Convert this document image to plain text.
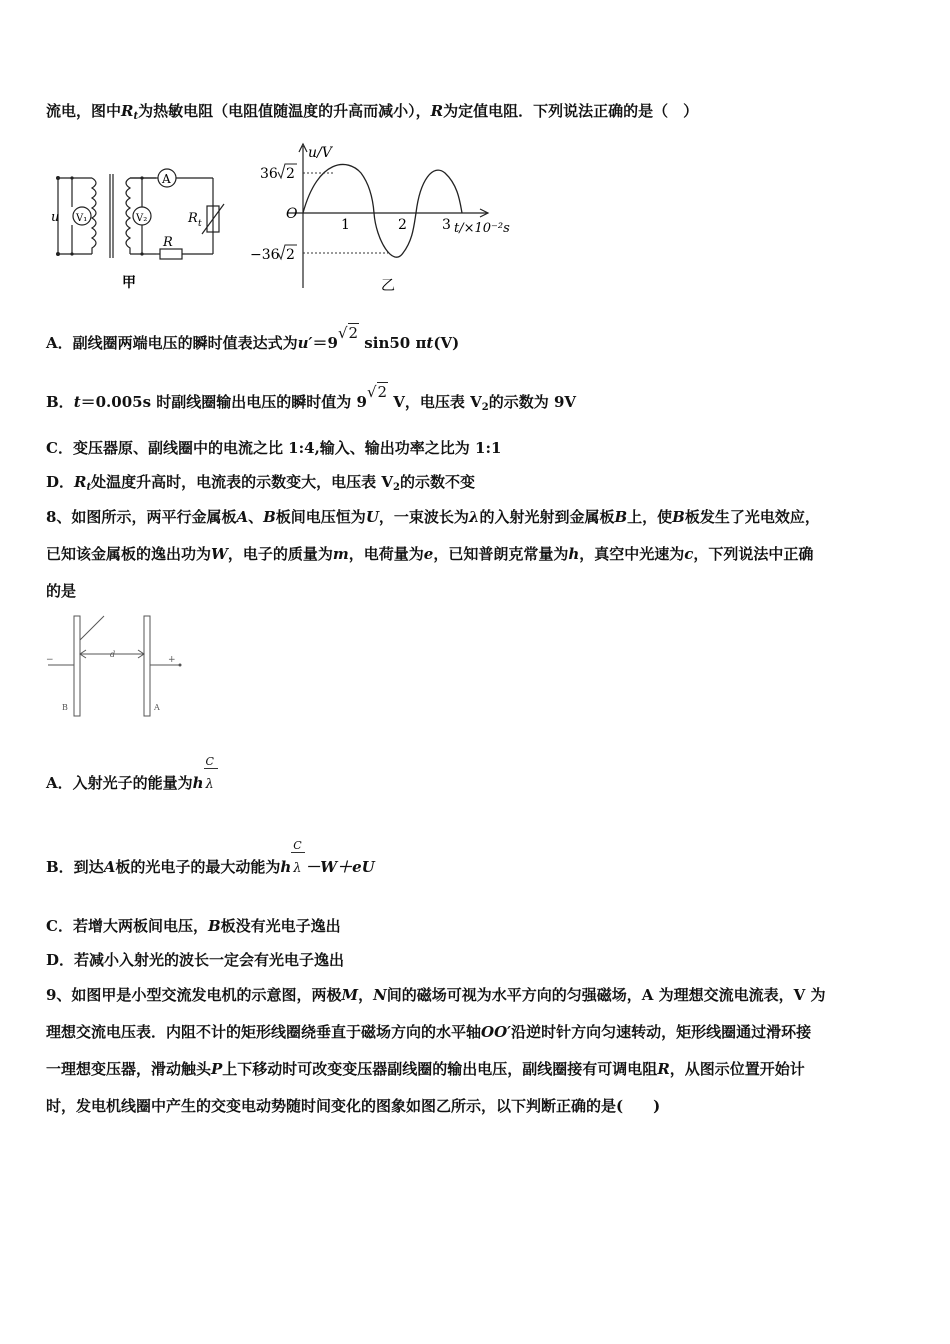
流电，图中$R_t$为热敏电阻（电阻值随温度的升高而减小），R为定值电阻．下列说法正确的是（　）
u V₁	V₂
A
R t
R
甲
u/V
36 2
O
−36 2
1	2	3 t/×10⁻²s
乙
A．副线圈两端电压的瞬时值表达式为u′＝9√2 sin50 πt(V)
B．t＝0.005s 时副线圈输出电压的瞬时值为 9√2 V，电压表 $V_2$的示数为 9V
C．变压器原、副线圈中的电流之比 1:4,输入、输出功率之比为 1:1
D．$R_t$处温度升高时，电流表的示数变大，电压表 $V_2$的示数不变
8、如图所示，两平行金属板A、B板间电压恒为U，一束波长为λ的入射光射到金属板B上，使B板发生了光电效应，
已知该金属板的逸出功为W，电子的质量为m，电荷量为e，已知普朗克常量为h，真空中光速为c，下列说法中正确
的是
−	+
d
B	A
A．入射光子的能量为h $\frac{C}{\lambda}$
B．到达A板的光电子的最大动能为h $\frac{C}{\lambda} -W+eU$
C．若增大两板间电压，B板没有光电子逸出
D．若减小入射光的波长一定会有光电子逸出
9、如图甲是小型交流发电机的示意图，两极M，N间的磁场可视为水平方向的匀强磁场，A 为理想交流电流表，V 为
理想交流电压表．内阻不计的矩形线圈绕垂直于磁场方向的水平轴OO′沿逆时针方向匀速转动，矩形线圈通过滑环接
一理想变压器，滑动触头P上下移动时可改变变压器副线圈的输出电压，副线圈接有可调电阻R，从图示位置开始计
时，发电机线圈中产生的交变电动势随时间变化的图象如图乙所示，以下判断正确的是(　　)
